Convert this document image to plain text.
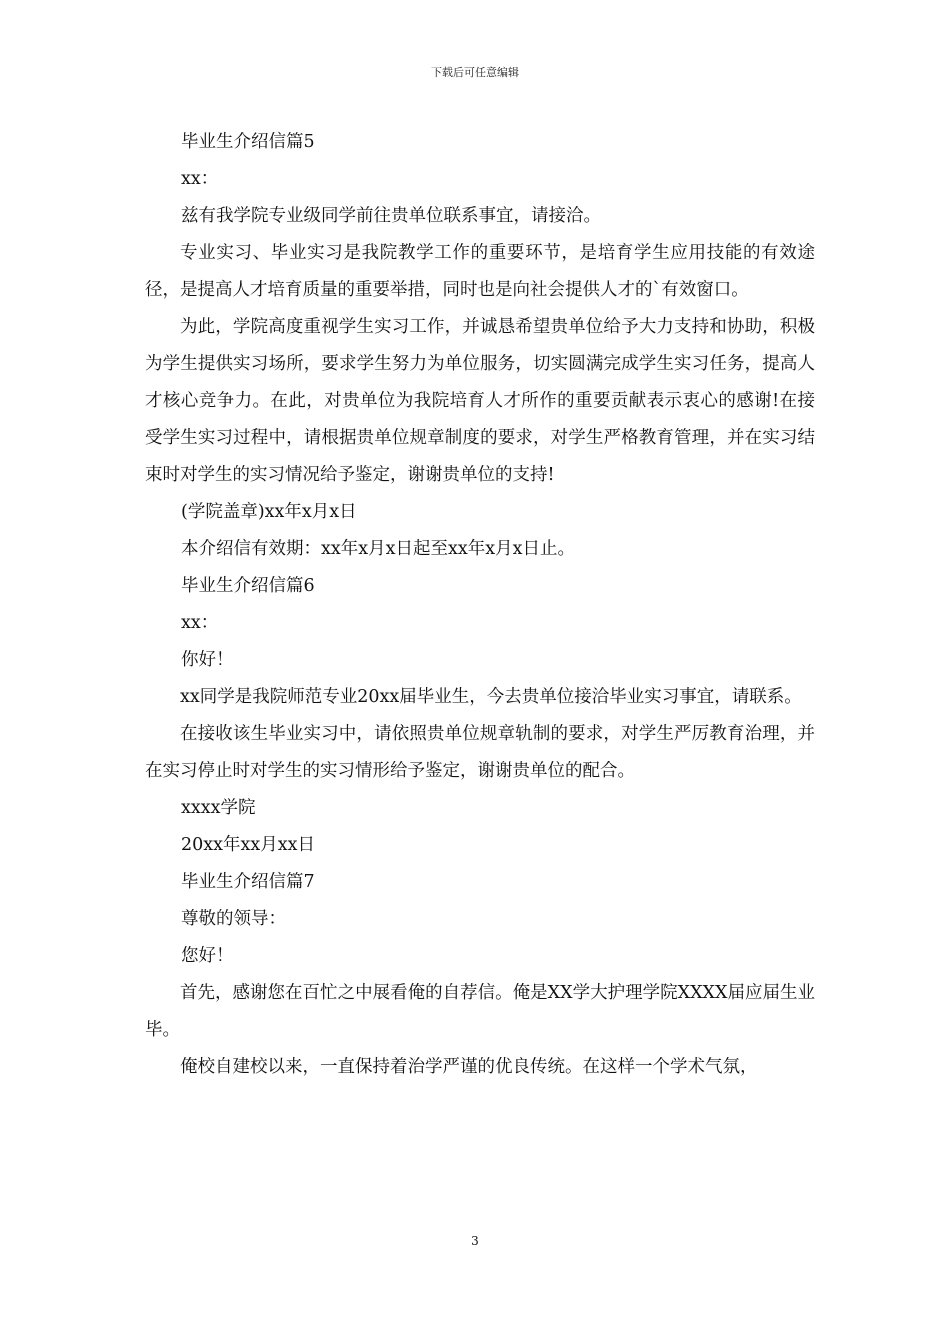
下载后可任意编辑

毕业生介绍信篇5

xx：

兹有我学院专业级同学前往贵单位联系事宜，请接洽。

专业实习、毕业实习是我院教学工作的重要环节，是培育学生应用技能的有效途径，是提高人才培育质量的重要举措，同时也是向社会提供人才的`有效窗口。

为此，学院高度重视学生实习工作，并诚恳希望贵单位给予大力支持和协助，积极为学生提供实习场所，要求学生努力为单位服务，切实圆满完成学生实习任务，提高人才核心竞争力。在此，对贵单位为我院培育人才所作的重要贡献表示衷心的感谢!在接受学生实习过程中，请根据贵单位规章制度的要求，对学生严格教育管理，并在实习结束时对学生的实习情况给予鉴定，谢谢贵单位的支持!

(学院盖章)xx年x月x日

本介绍信有效期：xx年x月x日起至xx年x月x日止。

毕业生介绍信篇6

xx：

你好！

xx同学是我院师范专业20xx届毕业生，今去贵单位接洽毕业实习事宜，请联系。

在接收该生毕业实习中，请依照贵单位规章轨制的要求，对学生严厉教育治理，并在实习停止时对学生的实习情形给予鉴定，谢谢贵单位的配合。

xxxx学院

20xx年xx月xx日

毕业生介绍信篇7

尊敬的领导：

您好！

首先，感谢您在百忙之中展看俺的自荐信。俺是XX学大护理学院XXXX届应届生业毕。

俺校自建校以来，一直保持着治学严谨的优良传统。在这样一个学术气氛，

3
